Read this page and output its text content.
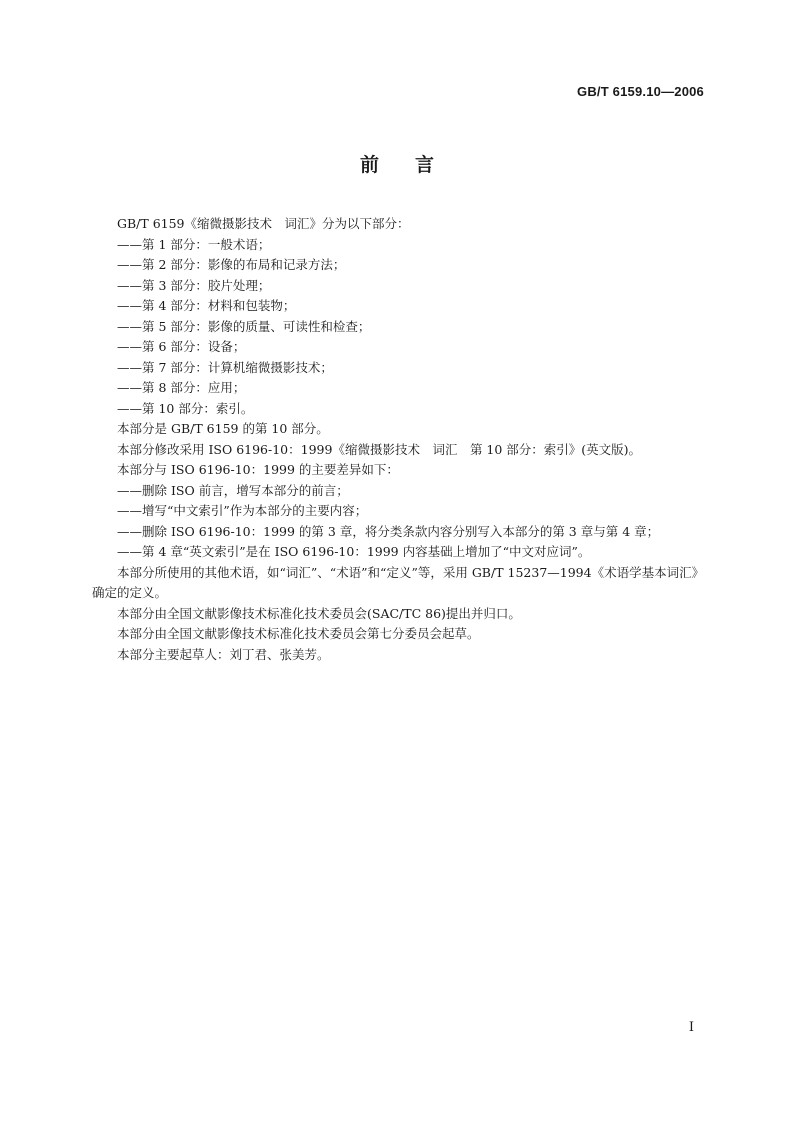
GB/T 6159.10—2006
前言

GB/T 6159《缩微摄影技术　词汇》分为以下部分：

——第 1 部分：一般术语；

——第 2 部分：影像的布局和记录方法；

——第 3 部分：胶片处理；

——第 4 部分：材料和包装物；

——第 5 部分：影像的质量、可读性和检查；

——第 6 部分：设备；

——第 7 部分：计算机缩微摄影技术；

——第 8 部分：应用；

——第 10 部分：索引。

本部分是 GB/T 6159 的第 10 部分。

本部分修改采用 ISO 6196-10：1999《缩微摄影技术　词汇　第 10 部分：索引》(英文版)。

本部分与 ISO 6196-10：1999 的主要差异如下：

——删除 ISO 前言，增写本部分的前言；

——增写“中文索引”作为本部分的主要内容；

——删除 ISO 6196-10：1999 的第 3 章，将分类条款内容分别写入本部分的第 3 章与第 4 章；

——第 4 章“英文索引”是在 ISO 6196-10：1999 内容基础上增加了“中文对应词”。

本部分所使用的其他术语，如“词汇”、“术语”和“定义”等，采用 GB/T 15237—1994《术语学基本词汇》确定的定义。

本部分由全国文献影像技术标准化技术委员会(SAC/TC 86)提出并归口。

本部分由全国文献影像技术标准化技术委员会第七分委员会起草。

本部分主要起草人：刘丁君、张美芳。

I
